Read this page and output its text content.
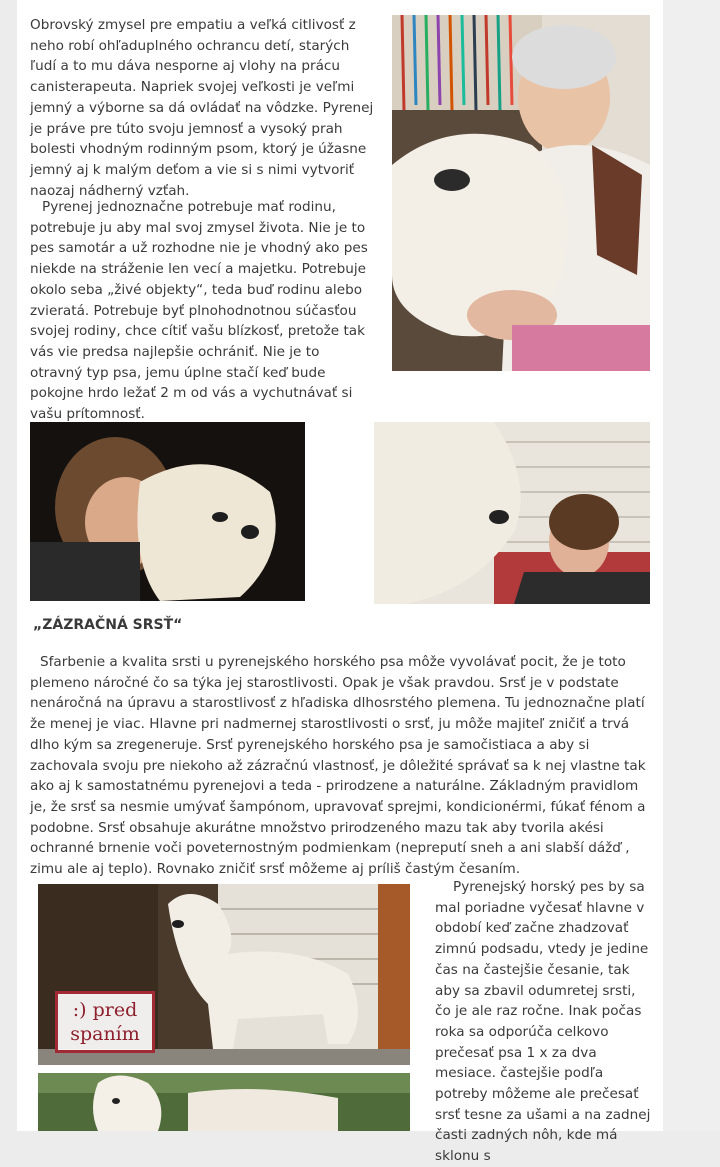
Obrovský zmysel pre empatiu a veľká citlivosť z neho robí ohľaduplného ochrancu detí, starých ľudí a to mu dáva nesporne aj vlohy na prácu canisterapeuta. Napriek svojej veľkosti je veľmi jemný a výborne sa dá ovládať na vôdzke. Pyrenej je práve pre túto svoju jemnosť a vysoký prah bolesti vhodným rodinným psom, ktorý je úžasne jemný aj k malým deťom a vie si s nimi vytvoriť naozaj nádherný vzťah.

Pyrenej jednoznačne potrebuje mať rodinu, potrebuje ju aby mal svoj zmysel života. Nie je to pes samotár a už rozhodne nie je vhodný ako pes niekde na stráženie len vecí a majetku. Potrebuje okolo seba „živé objekty“, teda buď rodinu alebo zvieratá. Potrebuje byť plnohodnotnou súčasťou svojej rodiny, chce cítiť vašu blízkosť, pretože tak vás vie predsa najlepšie ochrániť. Nie je to otravný typ psa, jemu úplne stačí keď bude pokojne hrdo ležať 2 m od vás a vychutnávať si vašu prítomnosť.

„ZÁZRAČNÁ SRSŤ“

Sfarbenie a kvalita srsti u pyrenejského horského psa môže vyvolávať pocit, že je toto plemeno náročné čo sa týka jej starostlivosti. Opak je však pravdou. Srsť je v podstate nenáročná na úpravu a starostlivosť z hľadiska dlhosrstého plemena. Tu jednoznačne platí že menej je viac. Hlavne pri nadmernej starostlivosti o srsť, ju môže majiteľ zničiť a trvá dlho kým sa zregeneruje. Srsť pyrenejského horského psa je samočistiaca a aby si zachovala svoju pre niekoho až zázračnú vlastnosť, je dôležité správať sa k nej vlastne tak ako aj k samostatnému pyrenejovi a teda - prirodzene a naturálne. Základným pravidlom je, že srsť sa nesmie umývať šampónom, upravovať sprejmi, kondicionérmi, fúkať fénom a podobne. Srsť obsahuje akurátne množstvo prirodzeného mazu tak aby tvorila akési ochranné brnenie voči poveternostným podmienkam (nepreputí sneh a ani slabší dážď , zimu ale aj teplo). Rovnako zničiť srsť môžeme aj príliš častým česaním.

:) pred
spaním

Pyrenejský horský pes by sa mal poriadne vyčesať hlavne v období keď začne zhadzovať zimnú podsadu, vtedy je jedine čas na častejšie česanie, tak aby sa zbavil odumretej srsti, čo je ale raz ročne. Inak počas roka sa odporúča celkovo prečesať psa 1 x za dva mesiace. častejšie podľa potreby môžeme ale prečesať srsť tesne za ušami a na zadnej časti zadných nôh, kde má sklonu s
